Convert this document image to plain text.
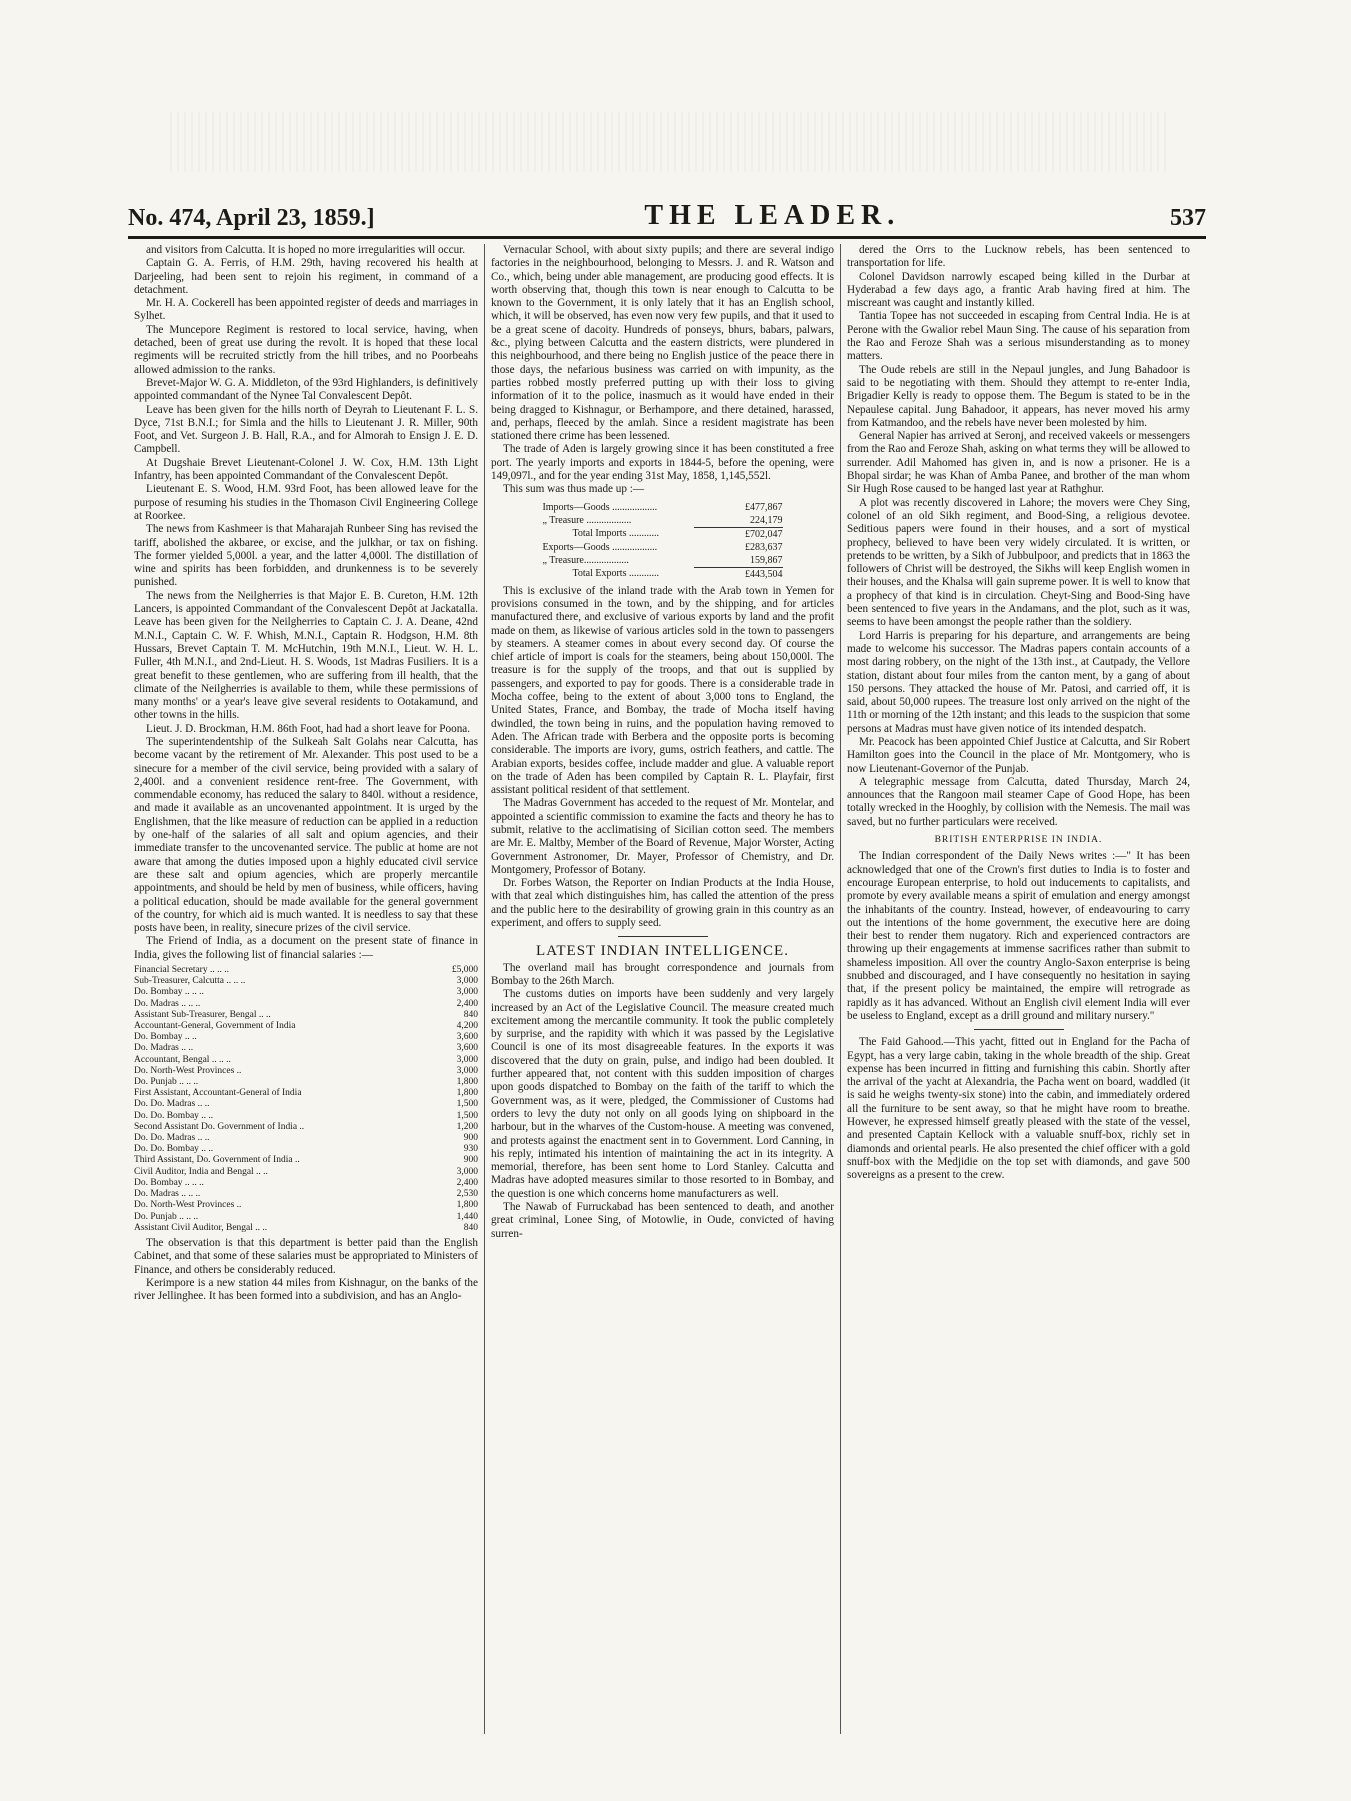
No. 474, April 23, 1859.]	THE LEADER.	537

and visitors from Calcutta. It is hoped no more irregularities will occur.

Captain G. A. Ferris, of H.M. 29th, having recovered his health at Darjeeling, had been sent to rejoin his regiment, in command of a detachment.

Mr. H. A. Cockerell has been appointed register of deeds and marriages in Sylhet.

The Muncepore Regiment is restored to local service, having, when detached, been of great use during the revolt. It is hoped that these local regiments will be recruited strictly from the hill tribes, and no Poorbeahs allowed admission to the ranks.

Brevet-Major W. G. A. Middleton, of the 93rd Highlanders, is definitively appointed commandant of the Nynee Tal Convalescent Depôt.

Leave has been given for the hills north of Deyrah to Lieutenant F. L. S. Dyce, 71st B.N.I.; for Simla and the hills to Lieutenant J. R. Miller, 90th Foot, and Vet. Surgeon J. B. Hall, R.A., and for Almorah to Ensign J. E. D. Campbell.

At Dugshaie Brevet Lieutenant-Colonel J. W. Cox, H.M. 13th Light Infantry, has been appointed Commandant of the Convalescent Depôt.

Lieutenant E. S. Wood, H.M. 93rd Foot, has been allowed leave for the purpose of resuming his studies in the Thomason Civil Engineering College at Roorkee.

The news from Kashmeer is that Maharajah Runbeer Sing has revised the tariff, abolished the akbaree, or excise, and the julkhar, or tax on fishing. The former yielded 5,000l. a year, and the latter 4,000l. The distillation of wine and spirits has been forbidden, and drunkenness is to be severely punished.

The news from the Neilgherries is that Major E. B. Cureton, H.M. 12th Lancers, is appointed Commandant of the Convalescent Depôt at Jackatalla. Leave has been given for the Neilgherries to Captain C. J. A. Deane, 42nd M.N.I., Captain C. W. F. Whish, M.N.I., Captain R. Hodgson, H.M. 8th Hussars, Brevet Captain T. M. McHutchin, 19th M.N.I., Lieut. W. H. L. Fuller, 4th M.N.I., and 2nd-Lieut. H. S. Woods, 1st Madras Fusiliers. It is a great benefit to these gentlemen, who are suffering from ill health, that the climate of the Neilgherries is available to them, while these permissions of many months' or a year's leave give several residents to Ootakamund, and other towns in the hills.

Lieut. J. D. Brockman, H.M. 86th Foot, had had a short leave for Poona.

The superintendentship of the Sulkeah Salt Golahs near Calcutta, has become vacant by the retirement of Mr. Alexander. This post used to be a sinecure for a member of the civil service, being provided with a salary of 2,400l. and a convenient residence rent-free. The Government, with commendable economy, has reduced the salary to 840l. without a residence, and made it available as an uncovenanted appointment. It is urged by the Englishmen, that the like measure of reduction can be applied in a reduction by one-half of the salaries of all salt and opium agencies, and their immediate transfer to the uncovenanted service. The public at home are not aware that among the duties imposed upon a highly educated civil service are these salt and opium agencies, which are properly mercantile appointments, and should be held by men of business, while officers, having a political education, should be made available for the general government of the country, for which aid is much wanted. It is needless to say that these posts have been, in reality, sinecure prizes of the civil service.

The Friend of India, as a document on the present state of finance in India, gives the following list of financial salaries :—

Financial Secretary .. .. ..	£5,000
Sub-Treasurer, Calcutta .. .. ..	3,000
Do. Bombay .. .. ..	3,000
Do. Madras .. .. ..	2,400
Assistant Sub-Treasurer, Bengal .. ..	840
Accountant-General, Government of India	4,200
Do. Bombay .. ..	3,600
Do. Madras .. ..	3,600
Accountant, Bengal .. .. ..	3,000
Do. North-West Provinces ..	3,000
Do. Punjab .. .. ..	1,800
First Assistant, Accountant-General of India	1,800
Do. Do. Madras .. ..	1,500
Do. Do. Bombay .. ..	1,500
Second Assistant Do. Government of India ..	1,200
Do. Do. Madras .. ..	900
Do. Do. Bombay .. ..	930
Third Assistant, Do. Government of India ..	900
Civil Auditor, India and Bengal .. ..	3,000
Do. Bombay .. .. ..	2,400
Do. Madras .. .. ..	2,530
Do. North-West Provinces ..	1,800
Do. Punjab .. .. ..	1,440
Assistant Civil Auditor, Bengal .. ..	840

The observation is that this department is better paid than the English Cabinet, and that some of these salaries must be appropriated to Ministers of Finance, and others be considerably reduced.

Kerimpore is a new station 44 miles from Kishnagur, on the banks of the river Jellinghee. It has been formed into a subdivision, and has an Anglo-

Vernacular School, with about sixty pupils; and there are several indigo factories in the neighbourhood, belonging to Messrs. J. and R. Watson and Co., which, being under able management, are producing good effects. It is worth observing that, though this town is near enough to Calcutta to be known to the Government, it is only lately that it has an English school, which, it will be observed, has even now very few pupils, and that it used to be a great scene of dacoity. Hundreds of ponseys, bhurs, babars, palwars, &c., plying between Calcutta and the eastern districts, were plundered in this neighbourhood, and there being no English justice of the peace there in those days, the nefarious business was carried on with impunity, as the parties robbed mostly preferred putting up with their loss to giving information of it to the police, inasmuch as it would have ended in their being dragged to Kishnagur, or Berhampore, and there detained, harassed, and, perhaps, fleeced by the amlah. Since a resident magistrate has been stationed there crime has been lessened.

The trade of Aden is largely growing since it has been constituted a free port. The yearly imports and exports in 1844-5, before the opening, were 149,097l., and for the year ending 31st May, 1858, 1,145,552l.

This sum was thus made up :—

Imports—Goods ..................	£477,867
„ Treasure ..................	224,179
Total Imports ............	£702,047
Exports—Goods ..................	£283,637
„ Treasure..................	159,867
Total Exports ............	£443,504

This is exclusive of the inland trade with the Arab town in Yemen for provisions consumed in the town, and by the shipping, and for articles manufactured there, and exclusive of various exports by land and the profit made on them, as likewise of various articles sold in the town to passengers by steamers. A steamer comes in about every second day. Of course the chief article of import is coals for the steamers, being about 150,000l. The treasure is for the supply of the troops, and that out is supplied by passengers, and exported to pay for goods. There is a considerable trade in Mocha coffee, being to the extent of about 3,000 tons to England, the United States, France, and Bombay, the trade of Mocha itself having dwindled, the town being in ruins, and the population having removed to Aden. The African trade with Berbera and the opposite ports is becoming considerable. The imports are ivory, gums, ostrich feathers, and cattle. The Arabian exports, besides coffee, include madder and glue. A valuable report on the trade of Aden has been compiled by Captain R. L. Playfair, first assistant political resident of that settlement.

The Madras Government has acceded to the request of Mr. Montelar, and appointed a scientific commission to examine the facts and theory he has to submit, relative to the acclimatising of Sicilian cotton seed. The members are Mr. E. Maltby, Member of the Board of Revenue, Major Worster, Acting Government Astronomer, Dr. Mayer, Professor of Chemistry, and Dr. Montgomery, Professor of Botany.

Dr. Forbes Watson, the Reporter on Indian Products at the India House, with that zeal which distinguishes him, has called the attention of the press and the public here to the desirability of growing grain in this country as an experiment, and offers to supply seed.

LATEST INDIAN INTELLIGENCE.

The overland mail has brought correspondence and journals from Bombay to the 26th March.

The customs duties on imports have been suddenly and very largely increased by an Act of the Legislative Council. The measure created much excitement among the mercantile community. It took the public completely by surprise, and the rapidity with which it was passed by the Legislative Council is one of its most disagreeable features. In the exports it was discovered that the duty on grain, pulse, and indigo had been doubled. It further appeared that, not content with this sudden imposition of charges upon goods dispatched to Bombay on the faith of the tariff to which the Government was, as it were, pledged, the Commissioner of Customs had orders to levy the duty not only on all goods lying on shipboard in the harbour, but in the wharves of the Custom-house. A meeting was convened, and protests against the enactment sent in to Government. Lord Canning, in his reply, intimated his intention of maintaining the act in its integrity. A memorial, therefore, has been sent home to Lord Stanley. Calcutta and Madras have adopted measures similar to those resorted to in Bombay, and the question is one which concerns home manufacturers as well.

The Nawab of Furruckabad has been sentenced to death, and another great criminal, Lonee Sing, of Motowlie, in Oude, convicted of having surren-

dered the Orrs to the Lucknow rebels, has been sentenced to transportation for life.

Colonel Davidson narrowly escaped being killed in the Durbar at Hyderabad a few days ago, a frantic Arab having fired at him. The miscreant was caught and instantly killed.

Tantia Topee has not succeeded in escaping from Central India. He is at Perone with the Gwalior rebel Maun Sing. The cause of his separation from the Rao and Feroze Shah was a serious misunderstanding as to money matters.

The Oude rebels are still in the Nepaul jungles, and Jung Bahadoor is said to be negotiating with them. Should they attempt to re-enter India, Brigadier Kelly is ready to oppose them. The Begum is stated to be in the Nepaulese capital. Jung Bahadoor, it appears, has never moved his army from Katmandoo, and the rebels have never been molested by him.

General Napier has arrived at Seronj, and received vakeels or messengers from the Rao and Feroze Shah, asking on what terms they will be allowed to surrender. Adil Mahomed has given in, and is now a prisoner. He is a Bhopal sirdar; he was Khan of Amba Panee, and brother of the man whom Sir Hugh Rose caused to be hanged last year at Rathghur.

A plot was recently discovered in Lahore; the movers were Chey Sing, colonel of an old Sikh regiment, and Bood-Sing, a religious devotee. Seditious papers were found in their houses, and a sort of mystical prophecy, believed to have been very widely circulated. It is written, or pretends to be written, by a Sikh of Jubbulpoor, and predicts that in 1863 the followers of Christ will be destroyed, the Sikhs will keep English women in their houses, and the Khalsa will gain supreme power. It is well to know that a prophecy of that kind is in circulation. Cheyt-Sing and Bood-Sing have been sentenced to five years in the Andamans, and the plot, such as it was, seems to have been amongst the people rather than the soldiery.

Lord Harris is preparing for his departure, and arrangements are being made to welcome his successor. The Madras papers contain accounts of a most daring robbery, on the night of the 13th inst., at Cautpady, the Vellore station, distant about four miles from the canton ment, by a gang of about 150 persons. They attacked the house of Mr. Patosi, and carried off, it is said, about 50,000 rupees. The treasure lost only arrived on the night of the 11th or morning of the 12th instant; and this leads to the suspicion that some persons at Madras must have given notice of its intended despatch.

Mr. Peacock has been appointed Chief Justice at Calcutta, and Sir Robert Hamilton goes into the Council in the place of Mr. Montgomery, who is now Lieutenant-Governor of the Punjab.

A telegraphic message from Calcutta, dated Thursday, March 24, announces that the Rangoon mail steamer Cape of Good Hope, has been totally wrecked in the Hooghly, by collision with the Nemesis. The mail was saved, but no further particulars were received.

BRITISH ENTERPRISE IN INDIA.

The Indian correspondent of the Daily News writes :—" It has been acknowledged that one of the Crown's first duties to India is to foster and encourage European enterprise, to hold out inducements to capitalists, and promote by every available means a spirit of emulation and energy amongst the inhabitants of the country. Instead, however, of endeavouring to carry out the intentions of the home government, the executive here are doing their best to render them nugatory. Rich and experienced contractors are throwing up their engagements at immense sacrifices rather than submit to shameless imposition. All over the country Anglo-Saxon enterprise is being snubbed and discouraged, and I have consequently no hesitation in saying that, if the present policy be maintained, the empire will retrograde as rapidly as it has advanced. Without an English civil element India will ever be useless to England, except as a drill ground and military nursery."

The Faid Gahood.—This yacht, fitted out in England for the Pacha of Egypt, has a very large cabin, taking in the whole breadth of the ship. Great expense has been incurred in fitting and furnishing this cabin. Shortly after the arrival of the yacht at Alexandria, the Pacha went on board, waddled (it is said he weighs twenty-six stone) into the cabin, and immediately ordered all the furniture to be sent away, so that he might have room to breathe. However, he expressed himself greatly pleased with the state of the vessel, and presented Captain Kellock with a valuable snuff-box, richly set in diamonds and oriental pearls. He also presented the chief officer with a gold snuff-box with the Medjidie on the top set with diamonds, and gave 500 sovereigns as a present to the crew.
